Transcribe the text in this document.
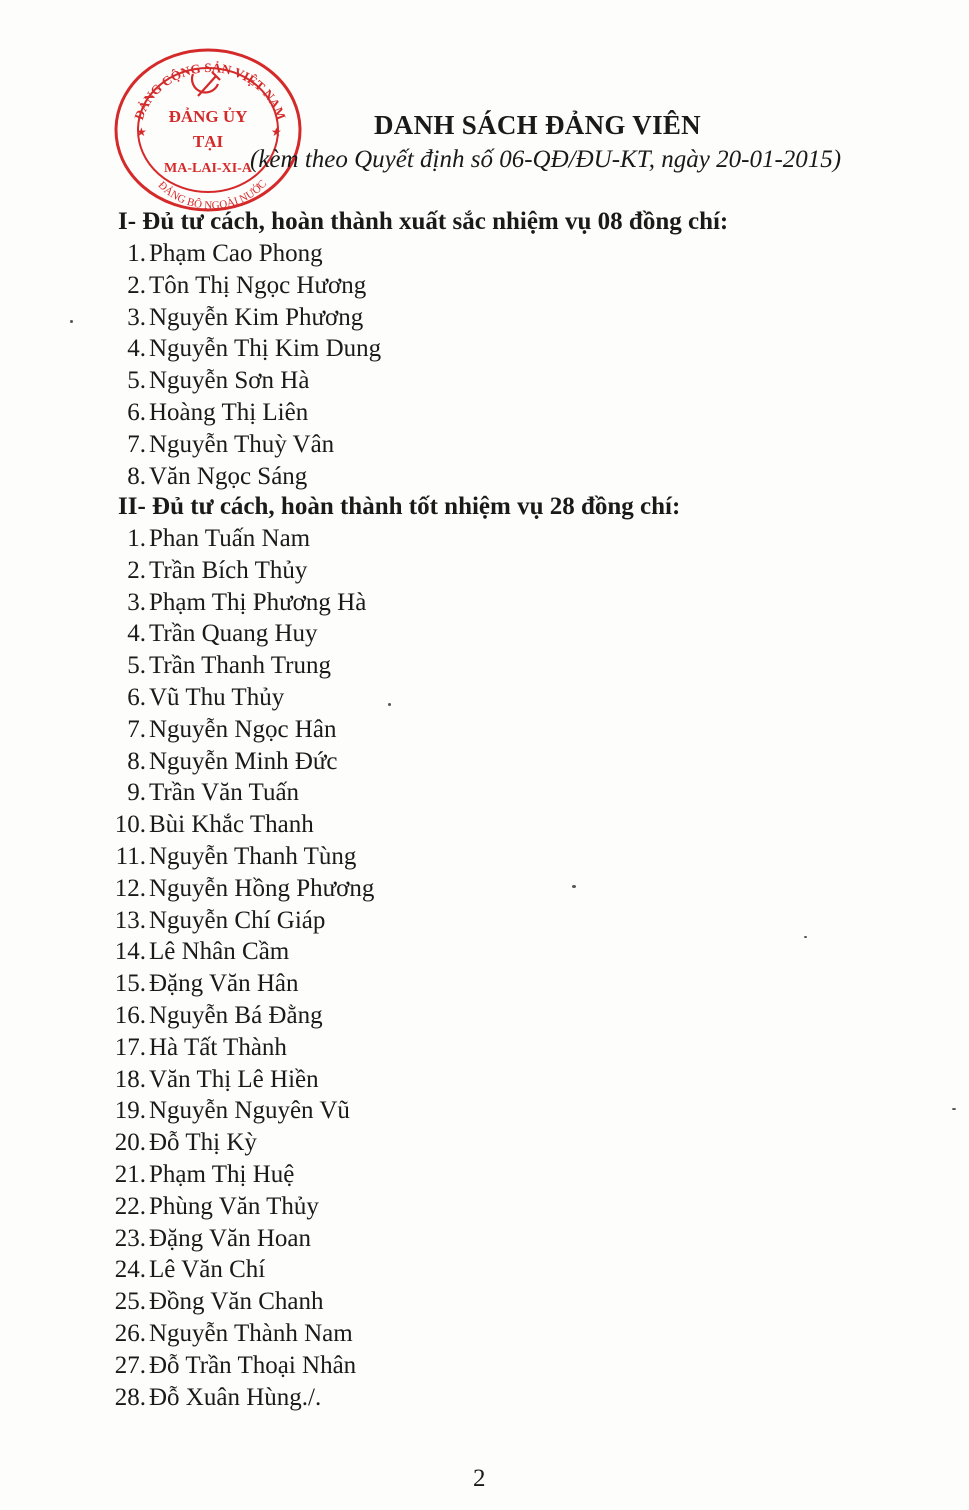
ĐẢNG CỘNG SẢN VIỆT NAM
ĐẢNG BỘ NGOÀI NƯỚC
ĐẢNG ỦY
TẠI
MA-LAI-XI-A
★	★	DANH SÁCH ĐẢNG VIÊN
(kèm theo Quyết định số 06-QĐ/ĐU-KT, ngày 20-01-2015)
I- Đủ tư cách, hoàn thành xuất sắc nhiệm vụ 08 đồng chí:
1. Phạm Cao Phong
2. Tôn Thị Ngọc Hương
3. Nguyễn Kim Phương
4. Nguyễn Thị Kim Dung
5. Nguyễn Sơn Hà
6. Hoàng Thị Liên
7. Nguyễn Thuỳ Vân
8. Văn Ngọc Sáng
II- Đủ tư cách, hoàn thành tốt nhiệm vụ 28 đồng chí:
1. Phan Tuấn Nam
2. Trần Bích Thủy
3. Phạm Thị Phương Hà
4. Trần Quang Huy
5. Trần Thanh Trung
6. Vũ Thu Thủy
7. Nguyễn Ngọc Hân
8. Nguyễn Minh Đức
9. Trần Văn Tuấn
10. Bùi Khắc Thanh
11. Nguyễn Thanh Tùng
12. Nguyễn Hồng Phương
13. Nguyễn Chí Giáp
14. Lê Nhân Cầm
15. Đặng Văn Hân
16. Nguyễn Bá Đằng
17. Hà Tất Thành
18. Văn Thị Lê Hiền
19. Nguyễn Nguyên Vũ
20. Đỗ Thị Kỳ
21. Phạm Thị Huệ
22. Phùng Văn Thủy
23. Đặng Văn Hoan
24. Lê Văn Chí
25. Đồng Văn Chanh
26. Nguyễn Thành Nam
27. Đỗ Trần Thoại Nhân
28. Đỗ Xuân Hùng./.
2
